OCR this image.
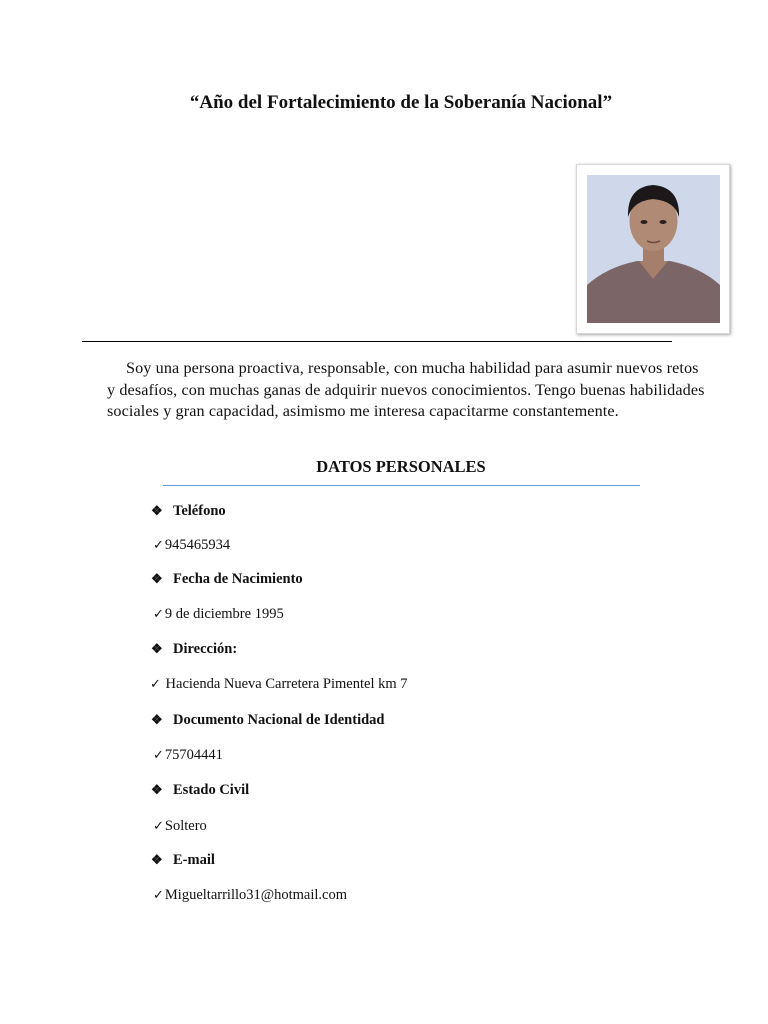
“Año del Fortalecimiento de la Soberanía Nacional”
Soy una persona proactiva, responsable, con mucha habilidad para asumir nuevos retos y desafíos, con muchas ganas de adquirir nuevos conocimientos. Tengo buenas habilidades sociales y gran capacidad, asimismo me interesa capacitarme constantemente.
DATOS PERSONALES
❖ Teléfono
✓945465934
❖ Fecha de Nacimiento
✓9 de diciembre 1995
❖ Dirección:
✓ Hacienda Nueva Carretera Pimentel km 7
❖ Documento Nacional de Identidad
✓75704441
❖ Estado Civil
✓Soltero
❖ E-mail
✓Migueltarrillo31@hotmail.com
